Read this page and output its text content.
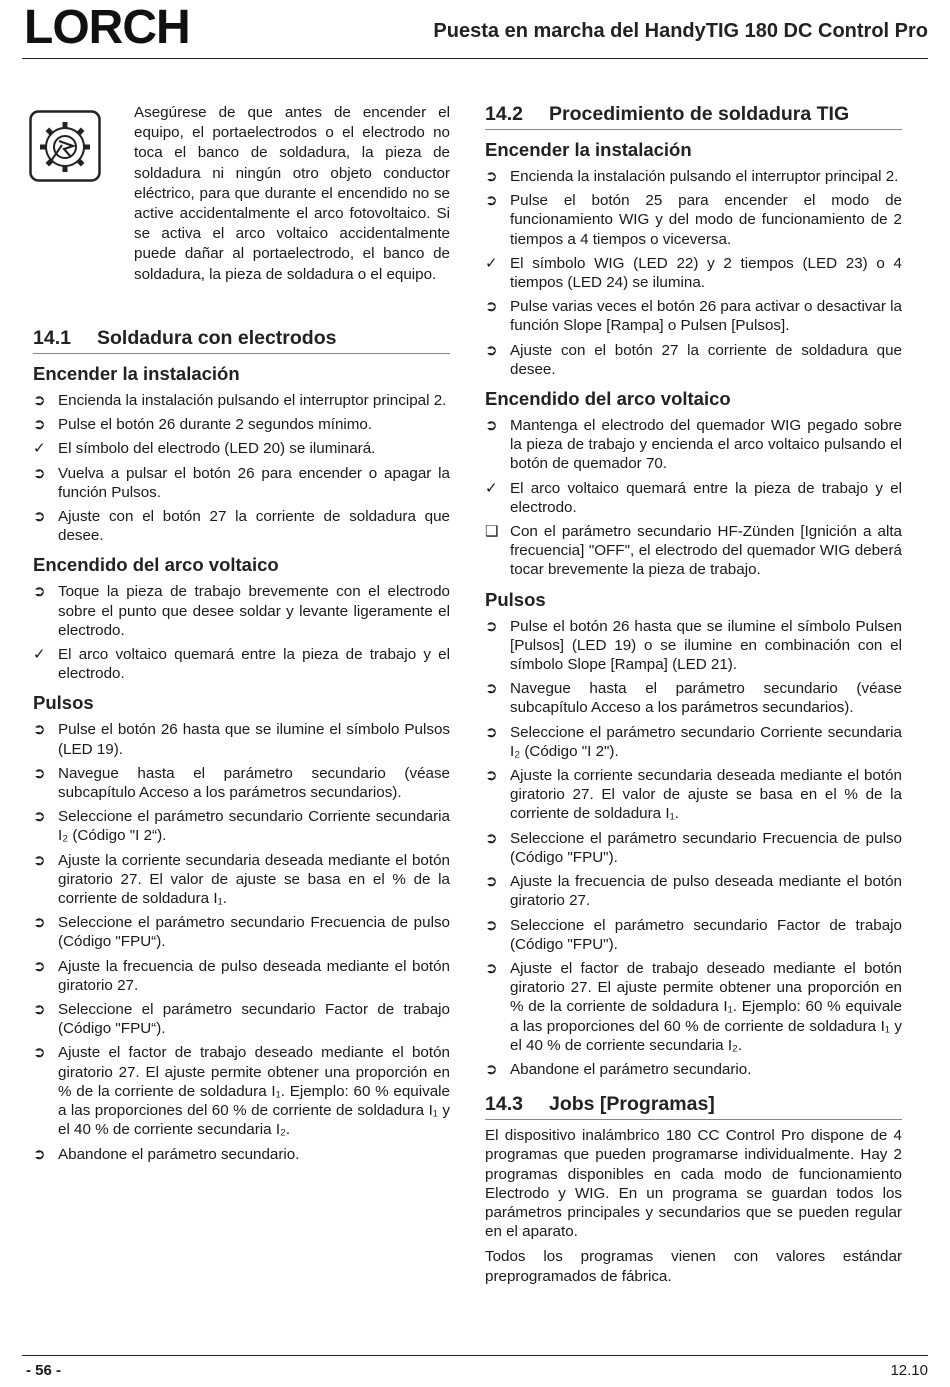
LORCH	Puesta en marcha del HandyTIG 180 DC Control Pro
Asegúrese de que antes de encender el equipo, el portaelectrodos o el electrodo no toca el banco de soldadura, la pieza de soldadura ni ningún otro objeto conductor eléctrico, para que durante el encendido no se active accidentalmente el arco fotovoltaico. Si se activa el arco voltaico accidentalmente puede dañar al portaelectrodo, el banco de soldadura, la pieza de soldadura o el equipo.
14.1 Soldadura con electrodos
Encender la instalación
➲ Encienda la instalación pulsando el interruptor principal 2.
➲ Pulse el botón 26 durante 2 segundos mínimo.
✓ El símbolo del electrodo (LED 20) se iluminará.
➲ Vuelva a pulsar el botón 26 para encender o apagar la función Pulsos.
➲ Ajuste con el botón 27 la corriente de soldadura que desee.
Encendido del arco voltaico
➲ Toque la pieza de trabajo brevemente con el electrodo sobre el punto que desee soldar y levante ligeramente el electrodo.
✓ El arco voltaico quemará entre la pieza de trabajo y el electrodo.
Pulsos
➲ Pulse el botón 26 hasta que se ilumine el símbolo Pulsos (LED 19).
➲ Navegue hasta el parámetro secundario (véase subcapítulo Acceso a los parámetros secundarios).
➲ Seleccione el parámetro secundario Corriente secundaria I₂ (Código "I 2“).
➲ Ajuste la corriente secundaria deseada mediante el botón giratorio 27. El valor de ajuste se basa en el % de la corriente de soldadura I₁.
➲ Seleccione el parámetro secundario Frecuencia de pulso (Código "FPU“).
➲ Ajuste la frecuencia de pulso deseada mediante el botón giratorio 27.
➲ Seleccione el parámetro secundario Factor de trabajo (Código "FPU“).
➲ Ajuste el factor de trabajo deseado mediante el botón giratorio 27. El ajuste permite obtener una proporción en % de la corriente de soldadura I₁. Ejemplo: 60 % equivale a las proporciones del 60 % de corriente de soldadura I₁ y el 40 % de corriente secundaria I₂.
➲ Abandone el parámetro secundario.
14.2 Procedimiento de soldadura TIG
Encender la instalación
➲ Encienda la instalación pulsando el interruptor principal 2.
➲ Pulse el botón 25 para encender el modo de funcionamiento WIG y del modo de funcionamiento de 2 tiempos a 4 tiempos o viceversa.
✓ El símbolo WIG (LED 22) y 2 tiempos (LED 23) o 4 tiempos (LED 24) se ilumina.
➲ Pulse varias veces el botón 26 para activar o desactivar la función Slope [Rampa] o Pulsen [Pulsos].
➲ Ajuste con el botón 27 la corriente de soldadura que desee.
Encendido del arco voltaico
➲ Mantenga el electrodo del quemador WIG pegado sobre la pieza de trabajo y encienda el arco voltaico pulsando el botón de quemador 70.
✓ El arco voltaico quemará entre la pieza de trabajo y el electrodo.
❑ Con el parámetro secundario HF-Zünden [Ignición a alta frecuencia] "OFF", el electrodo del quemador WIG deberá tocar brevemente la pieza de trabajo.
Pulsos
➲ Pulse el botón 26 hasta que se ilumine el símbolo Pulsen [Pulsos] (LED 19) o se ilumine en combinación con el símbolo Slope [Rampa] (LED 21).
➲ Navegue hasta el parámetro secundario (véase subcapítulo Acceso a los parámetros secundarios).
➲ Seleccione el parámetro secundario Corriente secundaria I₂ (Código "I 2").
➲ Ajuste la corriente secundaria deseada mediante el botón giratorio 27. El valor de ajuste se basa en el % de la corriente de soldadura I₁.
➲ Seleccione el parámetro secundario Frecuencia de pulso (Código "FPU").
➲ Ajuste la frecuencia de pulso deseada mediante el botón giratorio 27.
➲ Seleccione el parámetro secundario Factor de trabajo (Código "FPU").
➲ Ajuste el factor de trabajo deseado mediante el botón giratorio 27. El ajuste permite obtener una proporción en % de la corriente de soldadura I₁. Ejemplo: 60 % equivale a las proporciones del 60 % de corriente de soldadura I₁ y el 40 % de corriente secundaria I₂.
➲ Abandone el parámetro secundario.
14.3 Jobs [Programas]
El dispositivo inalámbrico 180 CC Control Pro dispone de 4 programas que pueden programarse individualmente. Hay 2 programas disponibles en cada modo de funcionamiento Electrodo y WIG. En un programa se guardan todos los parámetros principales y secundarios que se pueden regular en el aparato.
Todos los programas vienen con valores estándar preprogramados de fábrica.
- 56 -	12.10
